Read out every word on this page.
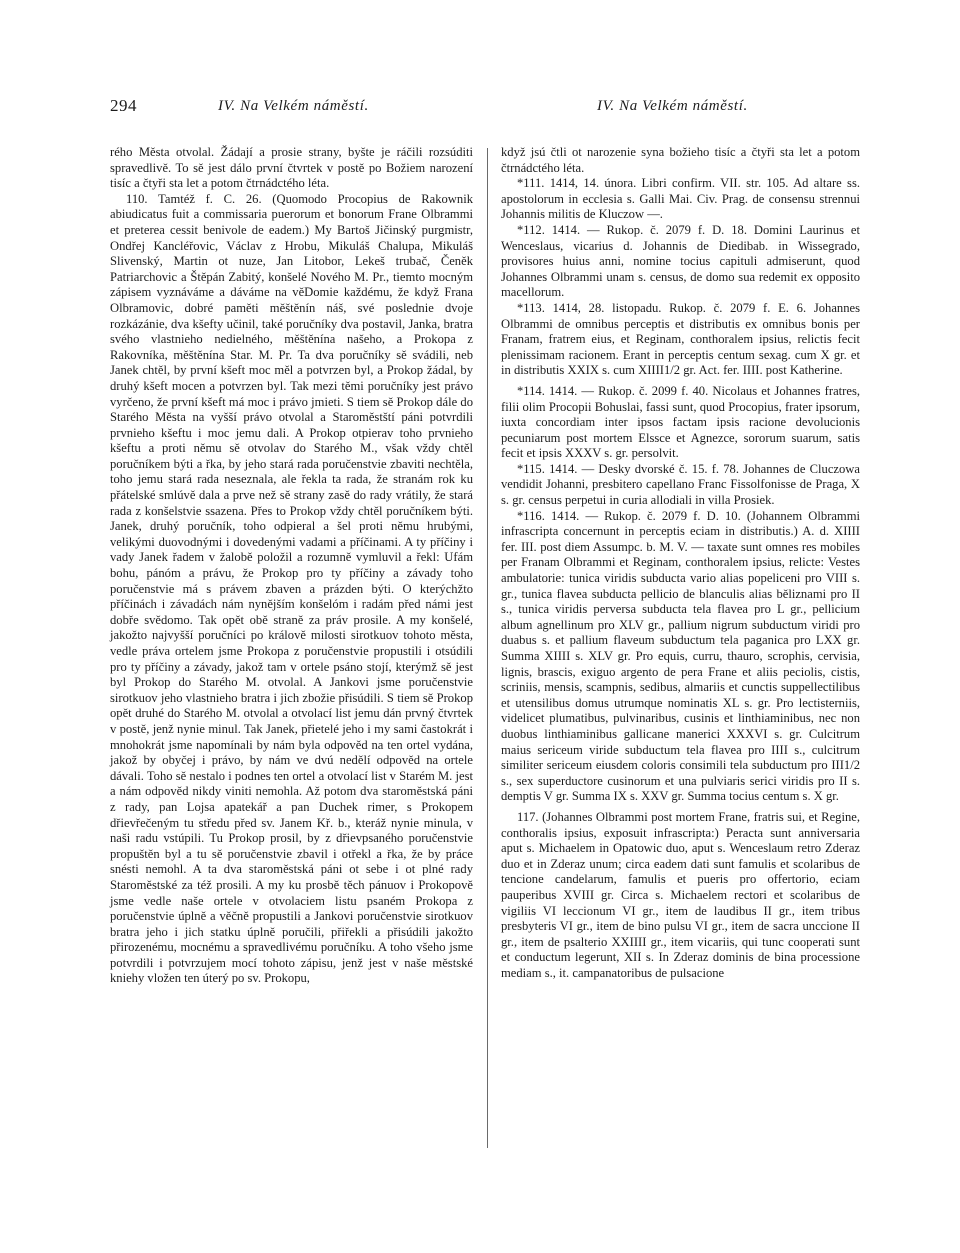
294	IV. Na Velkém náměstí.	IV. Na Velkém náměstí.

rého Města otvolal. Žádají a prosie strany, byšte je ráčili rozsúditi spravedlivě. To sě jest dálo první čtvrtek v postě po Božiem narození tisíc a čtyři sta let a potom čtrnádctého léta.

110. Tamtéž f. C. 26. (Quomodo Procopius de Rakownik abiudicatus fuit a commissaria puerorum et bonorum Frane Olbrammi et preterea cessit benivole de eadem.) My Bartoš Jičinský purgmistr, Ondřej Kancléřovic, Václav z Hrobu, Mikuláš Chalupa, Mikuláš Slivenský, Martin ot nuze, Jan Litobor, Lekeš trubač, Čeněk Patriarchovic a Štěpán Zabitý, konšelé Nového M. Pr., tiemto mocným zápisem vyznáváme a dáváme na věDomie každému, že když Frana Olbramovic, dobré paměti měštěnín náš, své poslednie dvoje rozkázánie, dva kšefty učinil, také poručníky dva postavil, Janka, bratra svého vlastnieho nedielného, měštěnína našeho, a Prokopa z Rakovníka, měštěnína Star. M. Pr. Ta dva poručníky sě svádili, neb Janek chtěl, by první kšeft moc měl a potvrzen byl, a Prokop žádal, by druhý kšeft mocen a potvrzen byl. Tak mezi těmi poručníky jest právo vyrčeno, že první kšeft má moc i právo jmieti. S tiem sě Prokop dále do Starého Města na vyšší právo otvolal a Staroměstští páni potvrdili prvnieho kšeftu i moc jemu dali. A Prokop otpierav toho prvnieho kšeftu a proti němu sě otvolav do Starého M., však vždy chtěl poručníkem býti a řka, by jeho stará rada poručenstvie zbaviti nechtěla, toho jemu stará rada neseznala, ale řekla ta rada, že stranám rok ku přátelské smlúvě dala a prve než sě strany zasě do rady vrátily, že stará rada z konšelstvie ssazena. Přes to Prokop vždy chtěl poručníkem býti. Janek, druhý poručník, toho odpieral a šel proti němu hrubými, velikými duovodnými i dovedenými vadami a příčinami. A ty příčiny i vady Janek řadem v žalobě položil a rozumně vymluvil a řekl: Ufám bohu, pánóm a právu, že Prokop pro ty příčiny a závady toho poručenstvie má s právem zbaven a prázden býti. O kterýchžto příčinách i závadách nám nynějším konšelóm i radám před námi jest dobře svědomo. Tak opět obě straně za práv prosile. A my konšelé, jakožto najvyšší poručníci po králově milosti sirotkuov tohoto města, vedle práva ortelem jsme Prokopa z poručenstvie propustili i otsúdili pro ty příčiny a závady, jakož tam v ortele psáno stojí, kterýmž sě jest byl Prokop do Starého M. otvolal. A Jankovi jsme poručenstvie sirotkuov jeho vlastnieho bratra i jich zbožie přisúdili. S tiem sě Prokop opět druhé do Starého M. otvolal a otvolací list jemu dán prvný čtvrtek v postě, jenž nynie minul. Tak Janek, přietelé jeho i my sami častokrát i mnohokrát jsme napomínali by nám byla odpověd na ten ortel vydána, jakož by obyčej i právo, by nám ve dvú nedělí odpověd na ortele dávali. Toho sě nestalo i podnes ten ortel a otvolací list v Starém M. jest a nám odpověd nikdy viniti nemohla. Až potom dva staroměstská páni z rady, pan Lojsa apatekář a pan Duchek rimer, s Prokopem dřievřečeným tu středu před sv. Janem Kř. b., kteráž nynie minula, v naši radu vstúpili. Tu Prokop prosil, by z dřievpsaného poručenstvie propuštěn byl a tu sě poručenstvie zbavil i otřekl a řka, že by práce snésti nemohl. A ta dva staroměstská páni ot sebe i ot plné rady Staroměstské za též prosili. A my ku prosbě těch pánuov i Prokopově jsme vedle naše ortele v otvolaciem listu psaném Prokopa z poručenstvie úplně a věčně propustili a Jankovi poručenstvie sirotkuov bratra jeho i jich statku úplně poručili, přiřekli a přisúdili jakožto přirozenému, mocnému a spravedlivému poručníku. A toho všeho jsme potvrdili i potvrzujem mocí tohoto zápisu, jenž jest v naše městské kniehy vložen ten úterý po sv. Prokopu,

když jsú čtli ot narozenie syna božieho tisíc a čtyři sta let a potom čtrnádctého léta.

*111. 1414, 14. února. Libri confirm. VII. str. 105. Ad altare ss. apostolorum in ecclesia s. Galli Mai. Civ. Prag. de consensu strennui Johannis militis de Kluczow —.

*112. 1414. — Rukop. č. 2079 f. D. 18. Domini Laurinus et Wenceslaus, vicarius d. Johannis de Diedibab. in Wissegrado, provisores huius anni, nomine tocius capituli admiserunt, quod Johannes Olbrammi unam s. census, de domo sua redemit ex opposito macellorum.

*113. 1414, 28. listopadu. Rukop. č. 2079 f. E. 6. Johannes Olbrammi de omnibus perceptis et distributis ex omnibus bonis per Franam, fratrem eius, et Reginam, conthoralem ipsius, relictis fecit plenissimam racionem. Erant in perceptis centum sexag. cum X gr. et in distributis XXIX s. cum XIIII1/2 gr. Act. fer. IIII. post Katherine.

*114. 1414. — Rukop. č. 2099 f. 40. Nicolaus et Johannes fratres, filii olim Procopii Bohuslai, fassi sunt, quod Procopius, frater ipsorum, iuxta concordiam inter ipsos factam ipsis racione devolucionis pecuniarum post mortem Elssce et Agnezce, sororum suarum, satis fecit et ipsis XXXV s. gr. persolvit.

*115. 1414. — Desky dvorské č. 15. f. 78. Johannes de Cluczowa vendidit Johanni, presbitero capellano Franc Fissolfonisse de Praga, X s. gr. census perpetui in curia allodiali in villa Prosiek.

*116. 1414. — Rukop. č. 2079 f. D. 10. (Johannem Olbrammi infrascripta concernunt in perceptis eciam in distributis.) A. d. XIIII fer. III. post diem Assumpc. b. M. V. — taxate sunt omnes res mobiles per Franam Olbrammi et Reginam, conthoralem ipsius, relicte: Vestes ambulatorie: tunica viridis subducta vario alias popeliceni pro VIII s. gr., tunica flavea subducta pellicio de blanculis alias běliznami pro II s., tunica viridis perversa subducta tela flavea pro L gr., pellicium album agnellinum pro XLV gr., pallium nigrum subductum viridi pro duabus s. et pallium flaveum subductum tela paganica pro LXX gr. Summa XIIII s. XLV gr. Pro equis, curru, thauro, scrophis, cervisia, lignis, brascis, exiguo argento de pera Frane et aliis peciolis, cistis, scriniis, mensis, scampnis, sedibus, almariis et cunctis suppellectilibus et utensilibus domus utrumque nominatis XL s. gr. Pro lectisterniis, videlicet plumatibus, pulvinaribus, cusinis et linthiaminibus, nec non duobus linthiaminibus gallicane manerici XXXVI s. gr. Culcitrum maius sericeum viride subductum tela flavea pro IIII s., culcitrum similiter sericeum eiusdem coloris consimili tela subductum pro III1/2 s., sex superductore cusinorum et una pulviaris serici viridis pro II s. demptis V gr. Summa IX s. XXV gr. Summa tocius centum s. X gr.

117. (Johannes Olbrammi post mortem Frane, fratris sui, et Regine, conthoralis ipsius, exposuit infrascripta:) Peracta sunt anniversaria aput s. Michaelem in Opatowic duo, aput s. Wenceslaum retro Zderaz duo et in Zderaz unum; circa eadem dati sunt famulis et scolaribus de tencione candelarum, famulis et pueris pro offertorio, eciam pauperibus XVIII gr. Circa s. Michaelem rectori et scolaribus de vigiliis VI leccionum VI gr., item de laudibus II gr., item tribus presbyteris VI gr., item de bino pulsu VI gr., item de sacra unccione II gr., item de psalterio XXIIII gr., item vicariis, qui tunc cooperati sunt et conductum legerunt, XII s. In Zderaz dominis de bina processione mediam s., it. campanatoribus de pulsacione
